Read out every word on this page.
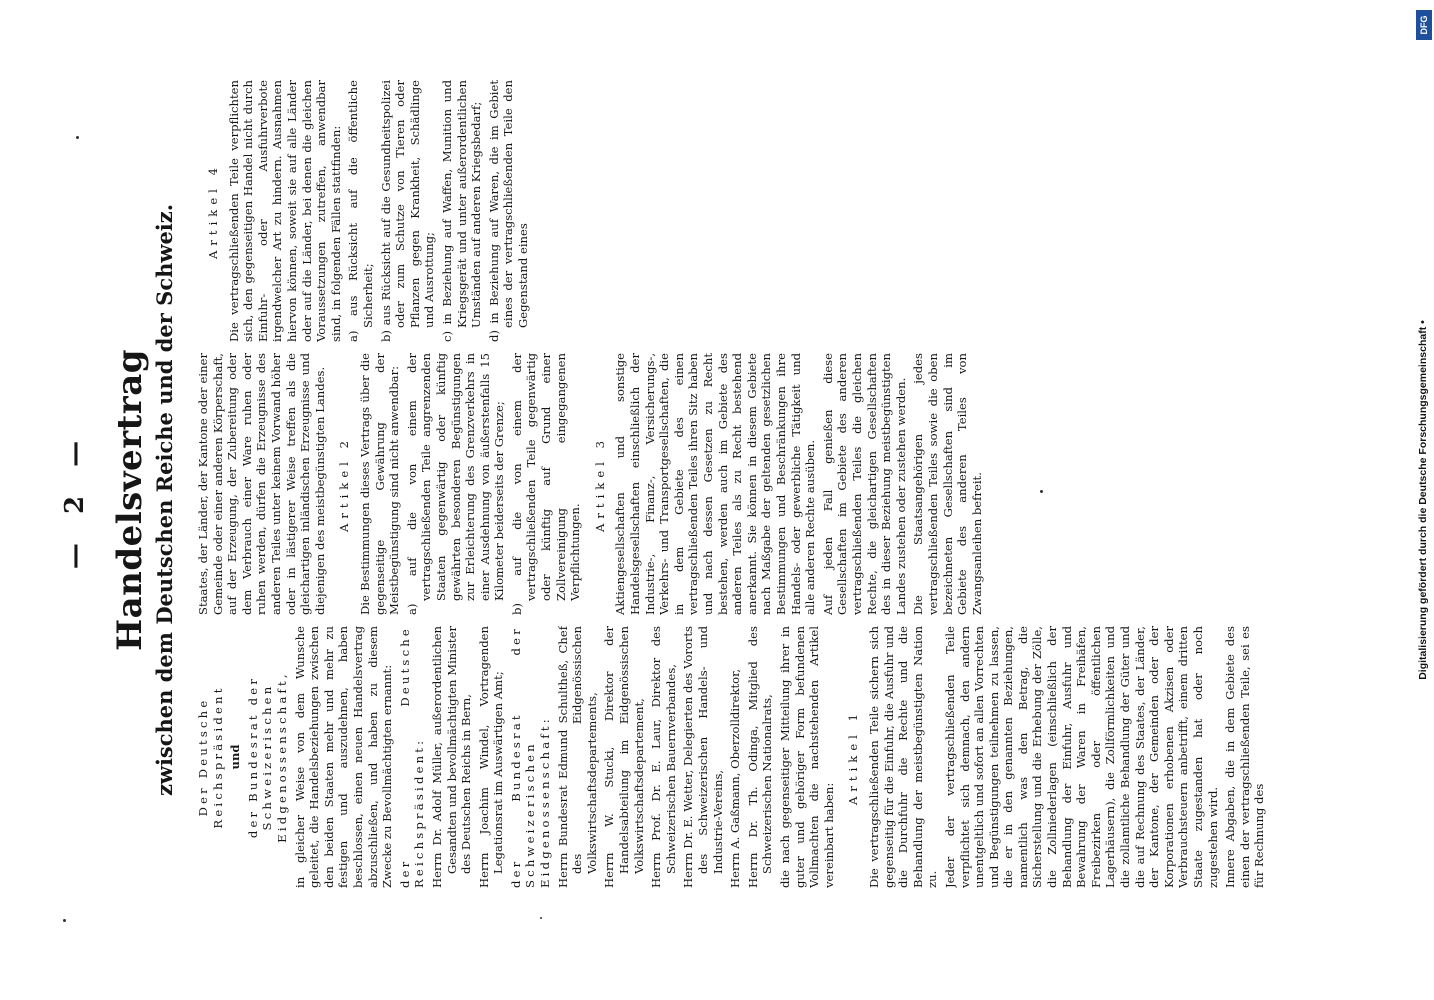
— 2 — Handelsvertrag zwischen dem Deutschen Reiche und der Schweiz. Der Deutsche Reichspräsident und der Bundesrat der Schweizerischen Eidgenossenschaft, in gleicher Weise von dem Wunsche geleitet, die Handelsbeziehungen zwischen den beiden Staaten mehr und mehr zu festigen und auszudehnen, haben beschlossen, einen neuen Handelsvertrag abzuschließen, und haben zu diesem Zwecke zu Bevollmächtigten ernannt: der Deutsche Reichspräsident: Herrn Dr. Adolf Müller, außerordentlichen Gesandten und bevollmächtigten Minister des Deutschen Reichs in Bern, Herrn Joachim Windel, Vortragenden Legationsrat im Auswärtigen Amt; der Bundesrat der Schweizerischen Eidgenossenschaft: Herrn Bundesrat Edmund Schultheß, Chef des Eidgenössischen Volkswirtschaftsdepartements, Herrn W. Stucki, Direktor der Handelsabteilung im Eidgenössischen Volkswirtschaftsdepartement, Herrn Prof. Dr. E. Laur, Direktor des Schweizerischen Bauernverbandes, Herrn Dr. E. Wetter, Delegierten des Vororts des Schweizerischen Handels- und Industrie-Vereins, Herrn A. Gaßmann, Oberzolldirektor, Herrn Dr. Th. Odinga, Mitglied des Schweizerischen Nationalrats, die nach gegenseitiger Mitteilung ihrer in guter und gehöriger Form befundenen Vollmachten die nachstehenden Artikel vereinbart haben:

Artikel 1 Die vertragschließenden Teile sichern sich gegenseitig für die Einfuhr, die Ausfuhr und die Durchfuhr die Rechte und die Behandlung der meistbegünstigten Nation zu. Jeder der vertragschließenden Teile verpflichtet sich demnach, den andern unentgeltlich und sofort an allen Vorrechten und Begünstigungen teilnehmen zu lassen, die er in den genannten Beziehungen, namentlich was den Betrag, die Sicherstellung und die Erhebung der Zölle, die Zollniederlagen (einschließlich der Behandlung der Einfuhr, Ausfuhr und Bewahrung der Waren in Freihäfen, Freibezirken oder öffentlichen Lagerhäusern), die Zollförmlichkeiten und die zollamtliche Behandlung der Güter und die auf Rechnung des Staates, der Länder, der Kantone, der Gemeinden oder der Korporationen erhobenen Akzisen oder Verbrauchsteuern anbetrifft, einem dritten Staate zugestanden hat oder noch zugestehen wird. Innere Abgaben, die in dem Gebiete des einen der vertragschließenden Teile, sei es für Rechnung des

Staates, der Länder, der Kantone oder einer Gemeinde oder einer anderen Körperschaft, auf der Erzeugung, der Zubereitung oder dem Verbrauch einer Ware ruhen oder ruhen werden, dürfen die Erzeugnisse des anderen Teiles unter keinem Vorwand höher oder in lästigerer Weise treffen als die gleichartigen inländischen Erzeugnisse und diejenigen des meistbegünstigten Landes. Artikel 2 Die Bestimmungen dieses Vertrags über die gegenseitige Gewährung der Meistbegünstigung sind nicht anwendbar: a) auf die von einem der vertragschließenden Teile angrenzenden Staaten gegenwärtig oder künftig gewährten besonderen Begünstigungen zur Erleichterung des Grenzverkehrs in einer Ausdehnung von äußerstenfalls 15 Kilometer beiderseits der Grenze; b) auf die von einem der vertragschließenden Teile gegenwärtig oder künftig auf Grund einer Zollvereinigung eingegangenen Verpflichtungen.

Artikel 3 Aktiengesellschaften und sonstige Handelsgesellschaften einschließlich der Industrie-, Finanz-, Versicherungs-, Verkehrs- und Transportgesellschaften, die in dem Gebiete des einen vertragschließenden Teiles ihren Sitz haben und nach dessen Gesetzen zu Recht bestehen, werden auch im Gebiete des anderen Teiles als zu Recht bestehend anerkannt. Sie können in diesem Gebiete nach Maßgabe der geltenden gesetzlichen Bestimmungen und Beschränkungen ihre Handels- oder gewerbliche Tätigkeit und alle anderen Rechte ausüben. Auf jeden Fall genießen diese Gesellschaften im Gebiete des anderen vertragschließenden Teiles die gleichen Rechte, die gleichartigen Gesellschaften des in dieser Beziehung meistbegünstigten Landes zustehen oder zustehen werden. Die Staatsangehörigen jedes vertragschließenden Teiles sowie die oben bezeichneten Gesellschaften sind im Gebiete des anderen Teiles von Zwangsanleihen befreit.

Artikel 4 Die vertragschließenden Teile verpflichten sich, den gegenseitigen Handel nicht durch Einfuhr- oder Ausfuhrverbote irgendwelcher Art zu hindern. Ausnahmen hiervon können, soweit sie auf alle Länder oder auf die Länder, bei denen die gleichen Voraussetzungen zutreffen, anwendbar sind, in folgenden Fällen stattfinden: a) aus Rücksicht auf die öffentliche Sicherheit; b) aus Rücksicht auf die Gesundheitspolizei oder zum Schutze von Tieren oder Pflanzen gegen Krankheit, Schädlinge und Ausrottung; c) in Beziehung auf Waffen, Munition und Kriegsgerät und unter außerordentlichen Umständen auf anderen Kriegsbedarf; d) in Beziehung auf Waren, die im Gebiet eines der vertragschließenden Teile den Gegenstand eines

Digitalisierung gefördert durch die Deutsche Forschungsgemeinschaft •
DFG
